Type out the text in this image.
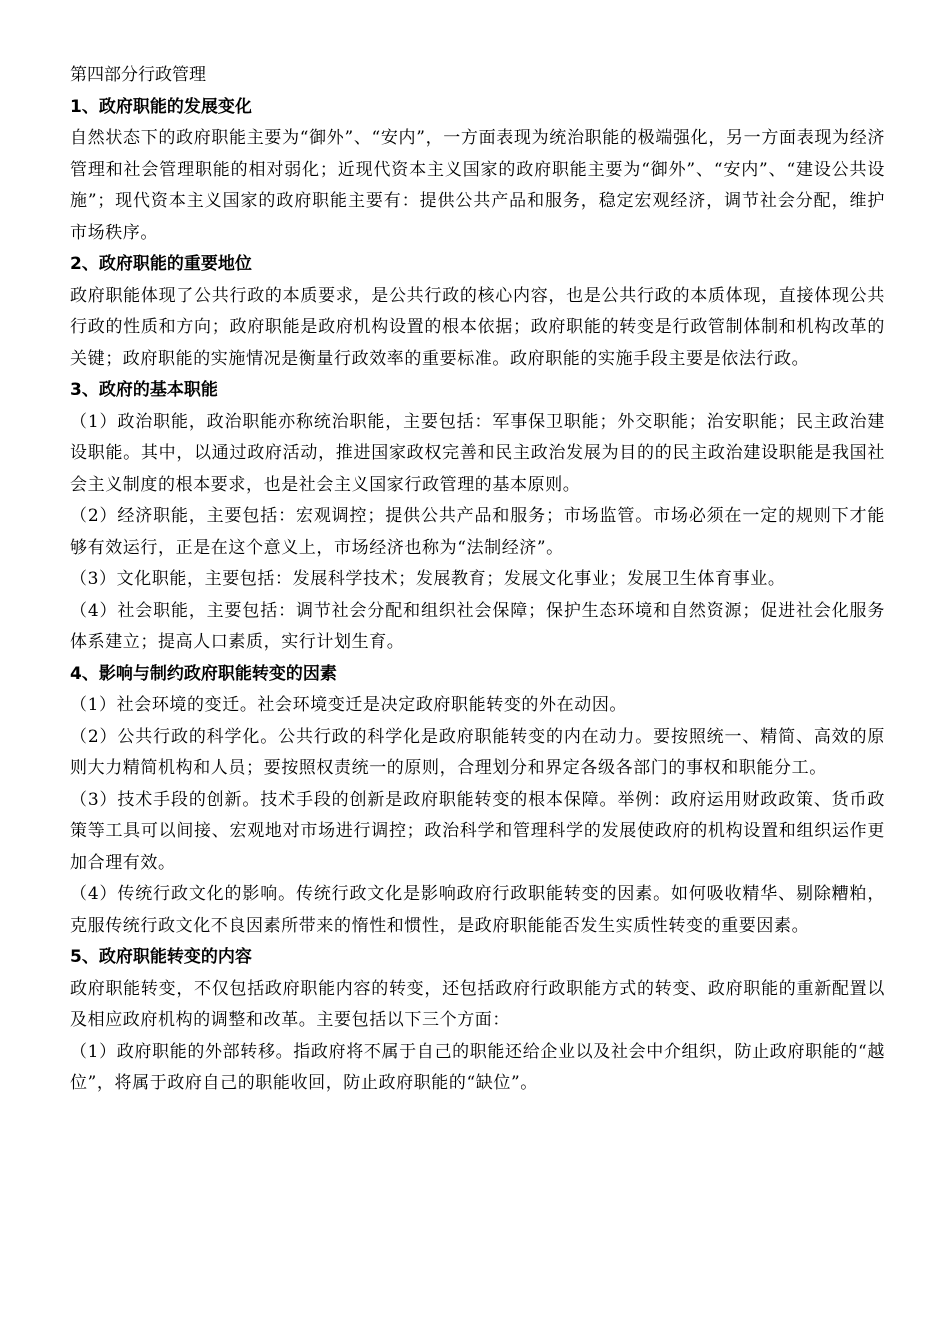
第四部分行政管理
1、政府职能的发展变化

自然状态下的政府职能主要为“御外”、“安内”，一方面表现为统治职能的极端强化，另一方面表现为经济管理和社会管理职能的相对弱化；近现代资本主义国家的政府职能主要为“御外”、“安内”、“建设公共设施”；现代资本主义国家的政府职能主要有：提供公共产品和服务，稳定宏观经济，调节社会分配，维护市场秩序。

2、政府职能的重要地位

政府职能体现了公共行政的本质要求，是公共行政的核心内容，也是公共行政的本质体现，直接体现公共行政的性质和方向；政府职能是政府机构设置的根本依据；政府职能的转变是行政管制体制和机构改革的关键；政府职能的实施情况是衡量行政效率的重要标准。政府职能的实施手段主要是依法行政。

3、政府的基本职能

（1）政治职能，政治职能亦称统治职能，主要包括：军事保卫职能；外交职能；治安职能；民主政治建设职能。其中，以通过政府活动，推进国家政权完善和民主政治发展为目的的民主政治建设职能是我国社会主义制度的根本要求，也是社会主义国家行政管理的基本原则。

（2）经济职能，主要包括：宏观调控；提供公共产品和服务；市场监管。市场必须在一定的规则下才能够有效运行，正是在这个意义上，市场经济也称为“法制经济”。

（3）文化职能，主要包括：发展科学技术；发展教育；发展文化事业；发展卫生体育事业。

（4）社会职能，主要包括：调节社会分配和组织社会保障；保护生态环境和自然资源；促进社会化服务体系建立；提高人口素质，实行计划生育。

4、影响与制约政府职能转变的因素

（1）社会环境的变迁。社会环境变迁是决定政府职能转变的外在动因。

（2）公共行政的科学化。公共行政的科学化是政府职能转变的内在动力。要按照统一、精简、高效的原则大力精简机构和人员；要按照权责统一的原则，合理划分和界定各级各部门的事权和职能分工。

（3）技术手段的创新。技术手段的创新是政府职能转变的根本保障。举例：政府运用财政政策、货币政策等工具可以间接、宏观地对市场进行调控；政治科学和管理科学的发展使政府的机构设置和组织运作更加合理有效。

（4）传统行政文化的影响。传统行政文化是影响政府行政职能转变的因素。如何吸收精华、剔除糟粕，克服传统行政文化不良因素所带来的惰性和惯性，是政府职能能否发生实质性转变的重要因素。

5、政府职能转变的内容

政府职能转变，不仅包括政府职能内容的转变，还包括政府行政职能方式的转变、政府职能的重新配置以及相应政府机构的调整和改革。主要包括以下三个方面：

（1）政府职能的外部转移。指政府将不属于自己的职能还给企业以及社会中介组织，防止政府职能的“越位”，将属于政府自己的职能收回，防止政府职能的“缺位”。
